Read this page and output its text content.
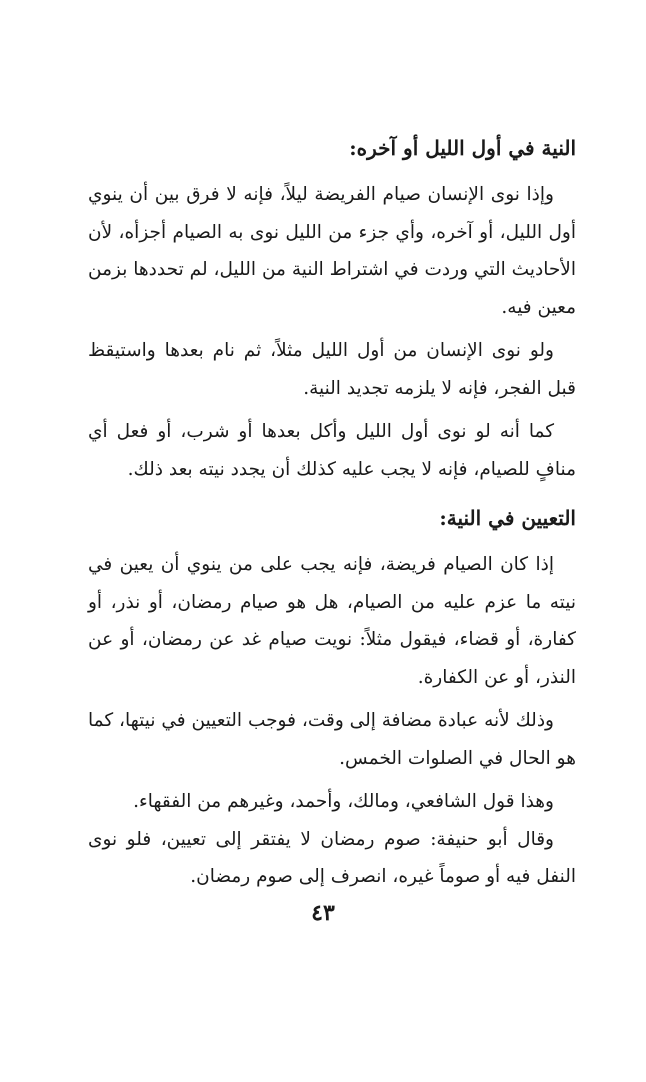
النية في أول الليل أو آخره:

وإذا نوى الإنسان صيام الفريضة ليلاً، فإنه لا فرق بين أن ينوي أول الليل، أو آخره، وأي جزء من الليل نوى به الصيام أجزأه، لأن الأحاديث التي وردت في اشتراط النية من الليل، لم تحددها بزمن معين فيه.

ولو نوى الإنسان من أول الليل مثلاً، ثم نام بعدها واستيقظ قبل الفجر، فإنه لا يلزمه تجديد النية.

كما أنه لو نوى أول الليل وأكل بعدها أو شرب، أو فعل أي منافٍ للصيام، فإنه لا يجب عليه كذلك أن يجدد نيته بعد ذلك.

التعيين في النية:

إذا كان الصيام فريضة، فإنه يجب على من ينوي أن يعين في نيته ما عزم عليه من الصيام، هل هو صيام رمضان، أو نذر، أو كفارة، أو قضاء، فيقول مثلاً: نويت صيام غد عن رمضان، أو عن النذر، أو عن الكفارة.

وذلك لأنه عبادة مضافة إلى وقت، فوجب التعيين في نيتها، كما هو الحال في الصلوات الخمس.

وهذا قول الشافعي، ومالك، وأحمد، وغيرهم من الفقهاء.

وقال أبو حنيفة: صوم رمضان لا يفتقر إلى تعيين، فلو نوى النفل فيه أو صوماً غيره، انصرف إلى صوم رمضان.

٤٣
